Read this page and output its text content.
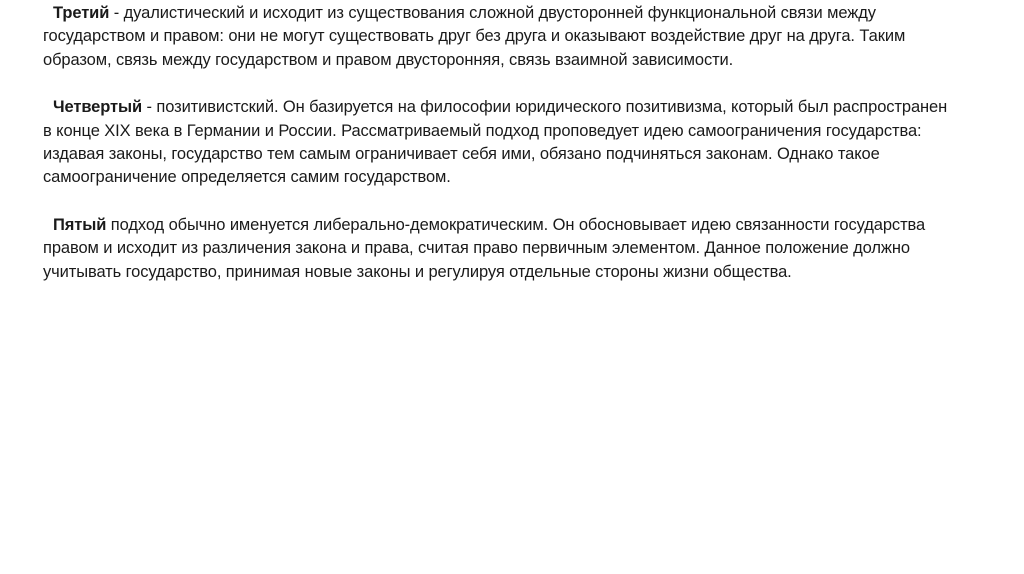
Третий - дуалистический и исходит из существования сложной двусторонней функциональной связи между
государством и правом: они не могут существовать друг без друга и оказывают воздействие друг на друга. Таким
образом, связь между государством и правом двусторонняя, связь взаимной зависимости.

Четвертый - позитивистский. Он базируется на философии юридического позитивизма, который был распространен
в конце XIX века в Германии и России. Рассматриваемый подход проповедует идею самоограничения государства:
издавая законы, государство тем самым ограничивает себя ими, обязано подчиняться законам. Однако такое
самоограничение определяется самим государством.

Пятый подход обычно именуется либерально-демократическим. Он обосновывает идею связанности государства
правом и исходит из различения закона и права, считая право первичным элементом. Данное положение должно
учитывать государство, принимая новые законы и регулируя отдельные стороны жизни общества.
